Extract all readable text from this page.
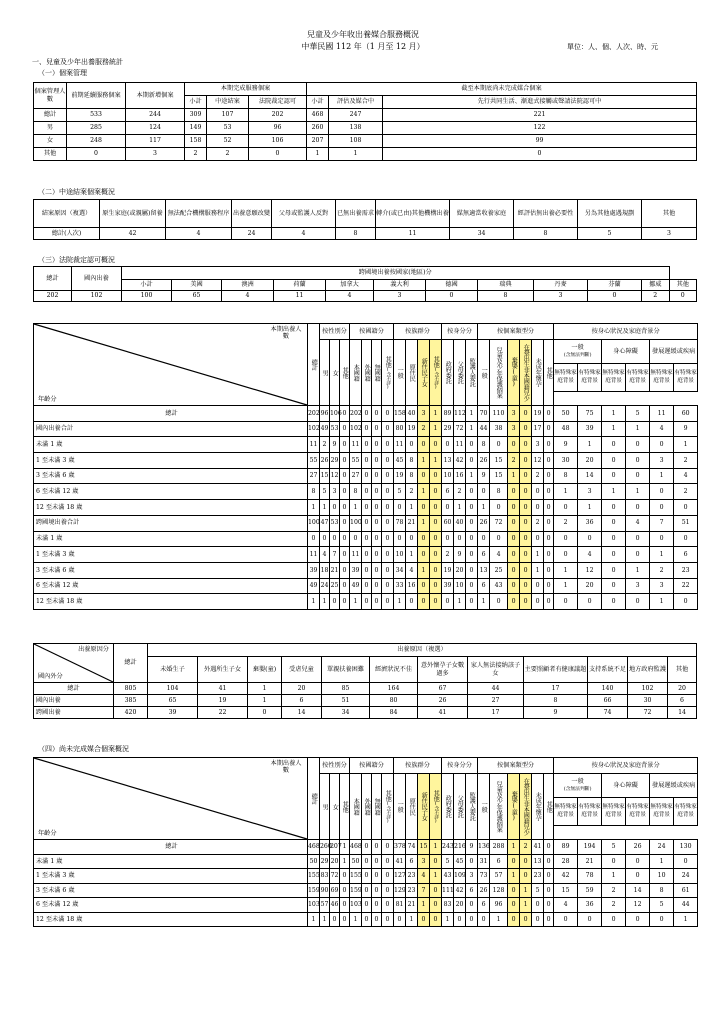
兒童及少年收出養媒合服務概況
中華民國 112 年（1 月至 12 月）	單位：人、個、人次、時、元
一、兒童及少年出養服務統計
（一）個案管理
個案管理人數	前期延續服務個案	本期新增個案	本期完成服務個案			截至本期底尚未完成媒合個案		
			小計	中途結案	法院裁定認可	小計	評估及媒合中	先行共同生活、漸進式接觸或聲請法院認可中
總計	533	244	309	107	202	468	247	221
男	285	124	149	53	96	260	138	122
女	248	117	158	52	106	207	108	99
其他	0	3	2	2	0	1	1	0
（二）中途結案個案概況
結案原因（複選）	原生家庭(或親屬)留養	無法配合機構服務程序	出養意願改變	父母或監護人反對	已無出養需求	轉介(或已由)其他機構出養	媒無適當收養家庭	經評估無出養必要性	另為其他處遇規劃	其他
總計(人次)	42	4	24	4	8	11	34	8	5	3
（三）法院裁定認可概況
總計	國內出養	跨國境出養按國家(地區)分											
		小計	美國	澳洲	荷蘭	加拿大	義大利	德國	瑞典	丹麥	芬蘭	挪威	其他
202	102	100	65	4	11	4	3	0	8	3	0	2	0
本期出養人數
年齡分	總計	按性別分			按國籍分				按族群分				按身分分			按個案類型分						按身心狀況及家庭背景分					
		男	女	其他	本國籍	外國籍	無國籍	其他(含不詳)	一般	原住民	新住民子女	其他(含不詳)	政府委託	父母委託	監護人委託	一般	兒童及少年保護個案	棄嬰(童)	在臺出生非本國籍兒少	未成年懷孕	其他	一般
(含無法判斷)		身心障礙		發展遲緩或疾病	
																						無特殊家庭背景	有特殊家庭背景	無特殊家庭背景	有特殊家庭背景	無特殊家庭背景	有特殊家庭背景

總計	202	96	106	0	202	0	0	0	158	40	3	1	89	112	1	70	110	3	0	19	0	50	75	1	5	11	60
國內出養合計	102	49	53	0	102	0	0	0	80	19	2	1	29	72	1	44	38	3	0	17	0	48	39	1	1	4	9
未滿 1 歲	11	2	9	0	11	0	0	0	11	0	0	0	0	11	0	8	0	0	0	3	0	9	1	0	0	0	1
1 至未滿 3 歲	55	26	29	0	55	0	0	0	45	8	1	1	13	42	0	26	15	2	0	12	0	30	20	0	0	3	2
3 至未滿 6 歲	27	15	12	0	27	0	0	0	19	8	0	0	10	16	1	9	15	1	0	2	0	8	14	0	0	1	4
6 至未滿 12 歲	8	5	3	0	8	0	0	0	5	2	1	0	6	2	0	0	8	0	0	0	0	1	3	1	1	0	2
12 至未滿 18 歲	1	1	0	0	1	0	0	0	0	1	0	0	0	1	0	1	0	0	0	0	0	0	1	0	0	0	0
跨國境出養合計	100	47	53	0	100	0	0	0	78	21	1	0	60	40	0	26	72	0	0	2	0	2	36	0	4	7	51
未滿 1 歲	0	0	0	0	0	0	0	0	0	0	0	0	0	0	0	0	0	0	0	0	0	0	0	0	0	0	0
1 至未滿 3 歲	11	4	7	0	11	0	0	0	10	1	0	0	2	9	0	6	4	0	0	1	0	0	4	0	0	1	6
3 至未滿 6 歲	39	18	21	0	39	0	0	0	34	4	1	0	19	20	0	13	25	0	0	1	0	1	12	0	1	2	23
6 至未滿 12 歲	49	24	25	0	49	0	0	0	33	16	0	0	39	10	0	6	43	0	0	0	0	1	20	0	3	3	22
12 至未滿 18 歲	1	1	0	0	1	0	0	0	1	0	0	0	0	1	0	1	0	0	0	0	0	0	0	0	0	1	0
出養原因分
國內外分	總計	出養原因（複選）											
		未婚生子	外遇所生子女	棄嬰(童)	受虐兒童	單親扶養困難	經濟狀況不佳	意外懷孕子女數過多	家人無法接納該子女	主要照顧者有健康議題	支持系統不足	地方政府監護	其他
總計	805	104	41	1	20	85	164	67	44	17	140	102	20
國內出養	385	65	19	1	6	51	80	26	27	8	66	30	6
跨國出養	420	39	22	0	14	34	84	41	17	9	74	72	14
（四）尚未完成媒合個案概況
本期出養人數
年齡分	總計	按性別分			按國籍分				按族群分				按身分分			按個案類型分						按身心狀況及家庭背景分					
		男	女	其他	本國籍	外國籍	無國籍	其他(含不詳)	一般	原住民	新住民子女	其他(含不詳)	政府委託	父母委託	監護人委託	一般	兒童及少年保護個案	棄嬰(童)	在臺出生非本國籍兒少	未成年懷孕	其他	一般
(含無法判斷)		身心障礙		發展遲緩或疾病	
																						無特殊家庭背景	有特殊家庭背景	無特殊家庭背景	有特殊家庭背景	無特殊家庭背景	有特殊家庭背景

總計	468	260	207	1	468	0	0	0	378	74	15	1	243	216	9	136	288	1	2	41	0	89	194	5	26	24	130
未滿 1 歲	50	29	20	1	50	0	0	0	41	6	3	0	5	45	0	31	6	0	0	13	0	28	21	0	0	1	0
1 至未滿 3 歲	155	83	72	0	155	0	0	0	127	23	4	1	43	109	3	73	57	1	0	23	0	42	78	1	0	10	24
3 至未滿 6 歲	159	90	69	0	159	0	0	0	129	23	7	0	111	42	6	26	128	0	1	5	0	15	59	2	14	8	61
6 至未滿 12 歲	103	57	46	0	103	0	0	0	81	21	1	0	83	20	0	6	96	0	1	0	0	4	36	2	12	5	44
12 至未滿 18 歲	1	1	0	0	1	0	0	0	0	1	0	0	1	0	0	0	1	0	0	0	0	0	0	0	0	0	1
